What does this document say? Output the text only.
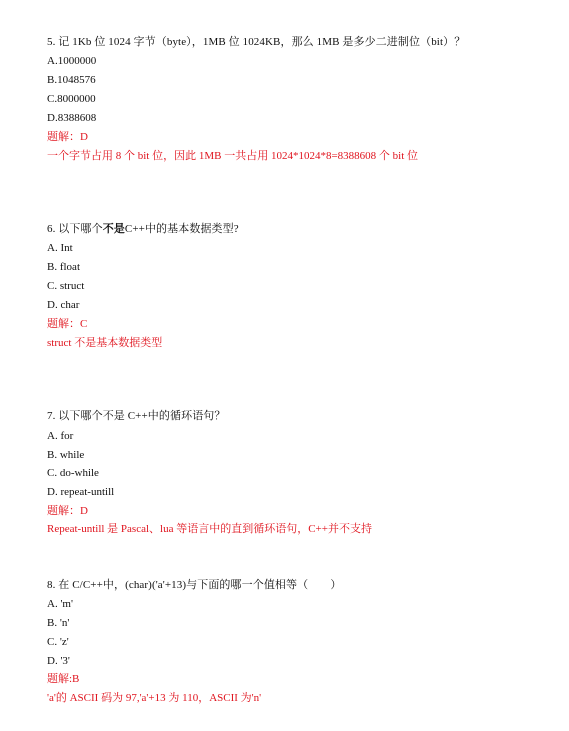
5. 记 1Kb 位 1024 字节（byte），1MB 位 1024KB，那么 1MB 是多少二进制位（bit）？
A.1000000
B.1048576
C.8000000
D.8388608
题解：D
一个字节占用 8 个 bit 位，因此 1MB 一共占用 1024*1024*8=8388608 个 bit 位
6. 以下哪个不是C++中的基本数据类型?
A. Int
B. float
C. struct
D. char
题解：C
struct 不是基本数据类型
7. 以下哪个不是 C++中的循环语句？
A. for
B. while
C. do-while
D. repeat-untill
题解：D
Repeat-untill 是 Pascal、lua 等语言中的直到循环语句，C++并不支持
8. 在 C/C++中，(char)('a'+13)与下面的哪一个值相等（　　）
A. 'm'
B. 'n'
C. 'z'
D. '3'
题解:B
'a'的 ASCII 码为 97,'a'+13 为 110，ASCII 为'n'
